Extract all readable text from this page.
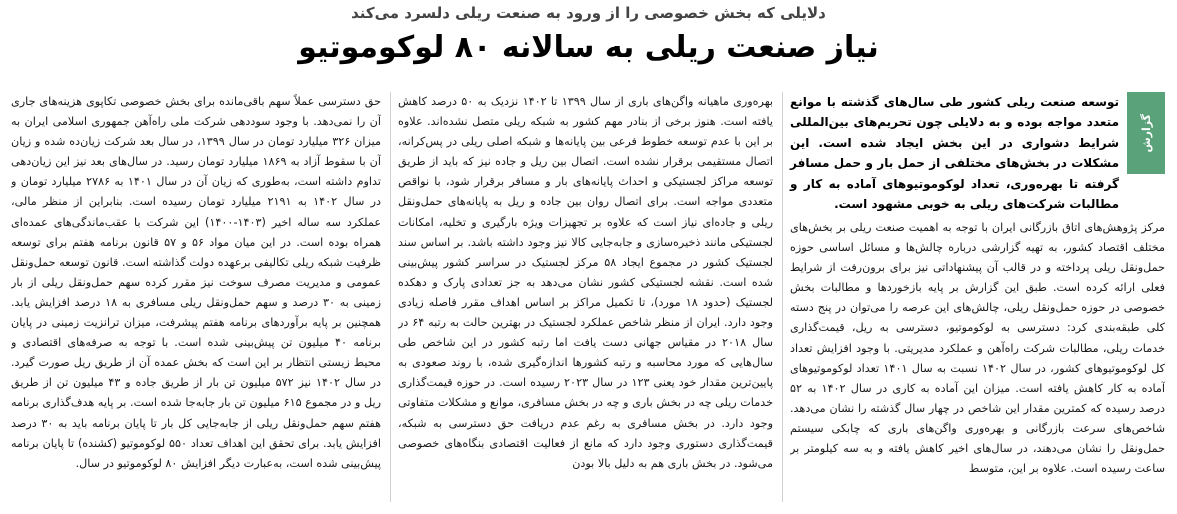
دلایلی که بخش خصوصی را از ورود به صنعت ریلی دلسرد می‌کند
نیاز صنعت ریلی به سالانه ۸۰ لوکوموتیو
گزارش
توسعه صنعت ریلی کشور طی سال‌های گذشته با موانع متعدد مواجه بوده و به دلایلی چون تحریم‌های بین‌المللی شرایط دشواری در این بخش ایجاد شده است. این مشکلات در بخش‌های مختلفی از حمل بار و حمل مسافر گرفته تا بهره‌وری، تعداد لوکوموتیوهای آماده به کار و مطالبات شرکت‌های ریلی به خوبی مشهود است.

مرکز پژوهش‌های اتاق بازرگانی ایران با توجه به اهمیت صنعت ریلی بر بخش‌های مختلف اقتصاد کشور، به تهیه گزارشی درباره چالش‌ها و مسائل اساسی حوزه حمل‌ونقل ریلی پرداخته و در قالب آن پیشنهاداتی نیز برای برون‌رفت از شرایط فعلی ارائه کرده است. طبق این گزارش بر پایه بازخوردها و مطالبات بخش خصوصی در حوزه حمل‌ونقل ریلی، چالش‌های این عرصه را می‌توان در پنج دسته کلی طبقه‌بندی کرد: دسترسی به لوکوموتیو، دسترسی به ریل، قیمت‌گذاری خدمات ریلی، مطالبات شرکت راه‌آهن و عملکرد مدیریتی. با وجود افزایش تعداد کل لوکوموتیوهای کشور، در سال ۱۴۰۲ نسبت به سال ۱۴۰۱ تعداد لوکوموتیوهای آماده به کار کاهش یافته است. میزان این آماده به کاری در سال ۱۴۰۲ به ۵۲ درصد رسیده که کمترین مقدار این شاخص در چهار سال گذشته را نشان می‌دهد. شاخص‌های سرعت بازرگانی و بهره‌وری واگن‌های باری که چابکی سیستم حمل‌ونقل را نشان می‌دهند، در سال‌های اخیر کاهش یافته و به سه کیلومتر بر ساعت رسیده است. علاوه بر این، متوسط

بهره‌وری ماهیانه واگن‌های باری از سال ۱۳۹۹ تا ۱۴۰۲ نزدیک به ۵۰ درصد کاهش یافته است. هنوز برخی از بنادر مهم کشور به شبکه ریلی متصل نشده‌اند. علاوه بر این با عدم توسعه خطوط فرعی بین پایانه‌ها و شبکه اصلی ریلی در پس‌کرانه، اتصال مستقیمی برقرار نشده است. اتصال بین ریل و جاده نیز که باید از طریق توسعه مراکز لجستیکی و احداث پایانه‌های بار و مسافر برقرار شود، با نواقص متعددی مواجه است. برای اتصال روان بین جاده و ریل به پایانه‌های حمل‌ونقل ریلی و جاده‌ای نیاز است که علاوه بر تجهیزات ویژه بارگیری و تخلیه، امکانات لجستیکی مانند ذخیره‌سازی و جابه‌جایی کالا نیز وجود داشته باشد. بر اساس سند لجستیک کشور در مجموع ایجاد ۵۸ مرکز لجستیک در سراسر کشور پیش‌بینی شده است. نقشه لجستیکی کشور نشان می‌دهد به جز تعدادی پارک و دهکده لجستیک (حدود ۱۸ مورد)، تا تکمیل مراکز بر اساس اهداف مقرر فاصله زیادی وجود دارد. ایران از منظر شاخص عملکرد لجستیک در بهترین حالت به رتبه ۶۴ در سال ۲۰۱۸ در مقیاس جهانی دست یافت اما رتبه کشور در این شاخص طی سال‌هایی که مورد محاسبه و رتبه کشورها اندازه‌گیری شده، با روند صعودی به پایین‌ترین مقدار خود یعنی ۱۲۳ در سال ۲۰۲۳ رسیده است. در حوزه قیمت‌گذاری خدمات ریلی چه در بخش باری و چه در بخش مسافری، موانع و مشکلات متفاوتی وجود دارد. در بخش مسافری به رغم عدم دریافت حق دسترسی به شبکه، قیمت‌گذاری دستوری وجود دارد که مانع از فعالیت اقتصادی بنگاه‌های خصوصی می‌شود. در بخش باری هم به دلیل بالا بودن

حق دسترسی عملاً سهم باقی‌مانده برای بخش خصوصی تکاپوی هزینه‌های جاری آن را نمی‌دهد. با وجود سوددهی شرکت ملی راه‌آهن جمهوری اسلامی ایران به میزان ۳۲۶ میلیارد تومان در سال ۱۳۹۹، در سال بعد شرکت زیان‌ده شده و زیان آن با سقوط آزاد به ۱۸۶۹ میلیارد تومان رسید. در سال‌های بعد نیز این زیان‌دهی تداوم داشته است، به‌طوری که زیان آن در سال ۱۴۰۱ به ۲۷۸۶ میلیارد تومان و در سال ۱۴۰۲ به ۲۱۹۱ میلیارد تومان رسیده است. بنابراین از منظر مالی، عملکرد سه ساله اخیر (۱۴۰۳-۱۴۰۰) این شرکت با عقب‌ماندگی‌های عمده‌ای همراه بوده است. در این میان مواد ۵۶ و ۵۷ قانون برنامه هفتم برای توسعه ظرفیت شبکه ریلی تکالیفی برعهده دولت گذاشته است. قانون توسعه حمل‌ونقل عمومی و مدیریت مصرف سوخت نیز مقرر کرده سهم حمل‌ونقل ریلی از بار زمینی به ۳۰ درصد و سهم حمل‌ونقل ریلی مسافری به ۱۸ درصد افزایش یابد. همچنین بر پایه برآوردهای برنامه هفتم پیشرفت، میزان ترانزیت زمینی در پایان برنامه ۴۰ میلیون تن پیش‌بینی شده است. با توجه به صرفه‌های اقتصادی و محیط زیستی انتظار بر این است که بخش عمده آن از طریق ریل صورت گیرد. در سال ۱۴۰۲ نیز ۵۷۲ میلیون تن بار از طریق جاده و ۴۳ میلیون تن از طریق ریل و در مجموع ۶۱۵ میلیون تن بار جابه‌جا شده است. بر پایه هدف‌گذاری برنامه هفتم سهم حمل‌ونقل ریلی از جابه‌جایی کل بار تا پایان برنامه باید به ۳۰ درصد افزایش یابد. برای تحقق این اهداف تعداد ۵۵۰ لوکوموتیو (کشنده) تا پایان برنامه پیش‌بینی شده است، به‌عبارت دیگر افزایش ۸۰ لوکوموتیو در سال.
